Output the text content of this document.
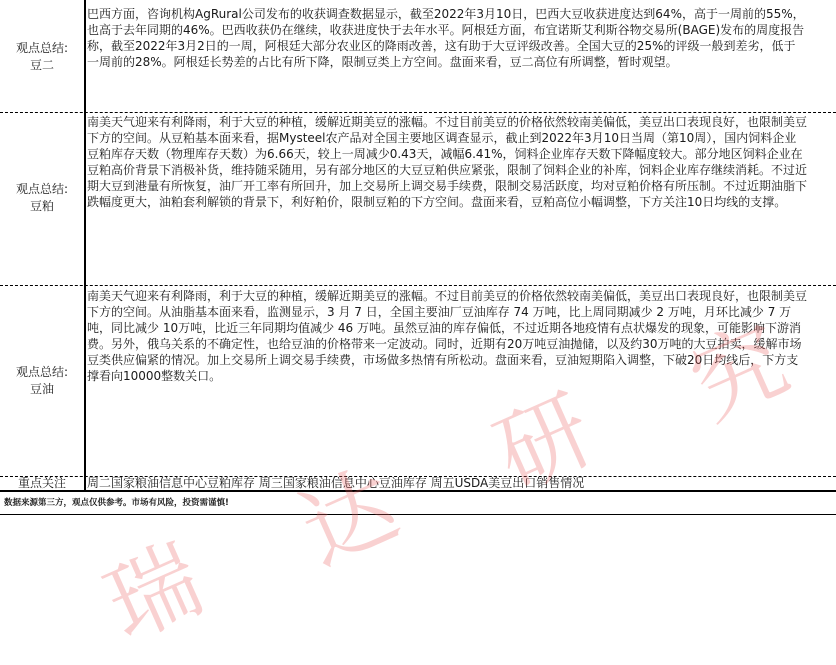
观点总结:
豆二
巴西方面，咨询机构AgRural公司发布的收获调查数据显示，截至2022年3月10日，巴西大豆收获进度达到64%，高于一周前的55%，也高于去年同期的46%。巴西收获仍在继续，收获进度快于去年水平。阿根廷方面，布宜诺斯艾利斯谷物交易所(BAGE)发布的周度报告称，截至2022年3月2日的一周，阿根廷大部分农业区的降雨改善，这有助于大豆评级改善。全国大豆的25%的评级一般到差劣，低于一周前的28%。阿根廷长势差的占比有所下降，限制豆类上方空间。盘面来看，豆二高位有所调整，暂时观望。
观点总结:
豆粕
南美天气迎来有利降雨，利于大豆的种植，缓解近期美豆的涨幅。不过目前美豆的价格依然较南美偏低，美豆出口表现良好，也限制美豆下方的空间。从豆粕基本面来看，据Mysteel农产品对全国主要地区调查显示，截止到2022年3月10日当周（第10周），国内饲料企业豆粕库存天数（物理库存天数）为6.66天，较上一周减少0.43天，减幅6.41%，饲料企业库存天数下降幅度较大。部分地区饲料企业在豆粕高价背景下消极补货，维持随采随用，另有部分地区的大豆豆粕供应紧张，限制了饲料企业的补库，饲料企业库存继续消耗。不过近期大豆到港量有所恢复，油厂开工率有所回升，加上交易所上调交易手续费，限制交易活跃度，均对豆粕价格有所压制。不过近期油脂下跌幅度更大，油粕套利解锁的背景下，利好粕价，限制豆粕的下方空间。盘面来看，豆粕高位小幅调整，下方关注10日均线的支撑。
观点总结:
豆油
南美天气迎来有利降雨，利于大豆的种植，缓解近期美豆的涨幅。不过目前美豆的价格依然较南美偏低，美豆出口表现良好，也限制美豆下方的空间。从油脂基本面来看，监测显示，3 月 7 日，全国主要油厂豆油库存 74 万吨，比上周同期减少 2 万吨，月环比减少 7 万吨，同比减少 10万吨，比近三年同期均值减少 46 万吨。虽然豆油的库存偏低，不过近期各地疫情有点状爆发的现象，可能影响下游消费。另外，俄乌关系的不确定性，也给豆油的价格带来一定波动。同时，近期有20万吨豆油抛储，以及约30万吨的大豆拍卖，缓解市场豆类供应偏紧的情况。加上交易所上调交易手续费，市场做多热情有所松动。盘面来看，豆油短期陷入调整，下破20日均线后，下方支撑看向10000整数关口。
重点关注	周二国家粮油信息中心豆粕库存 周三国家粮油信息中心豆油库存 周五USDA美豆出口销售情况
数据来源第三方，观点仅供参考。市场有风险，投资需谨慎!
瑞
达
研
究
